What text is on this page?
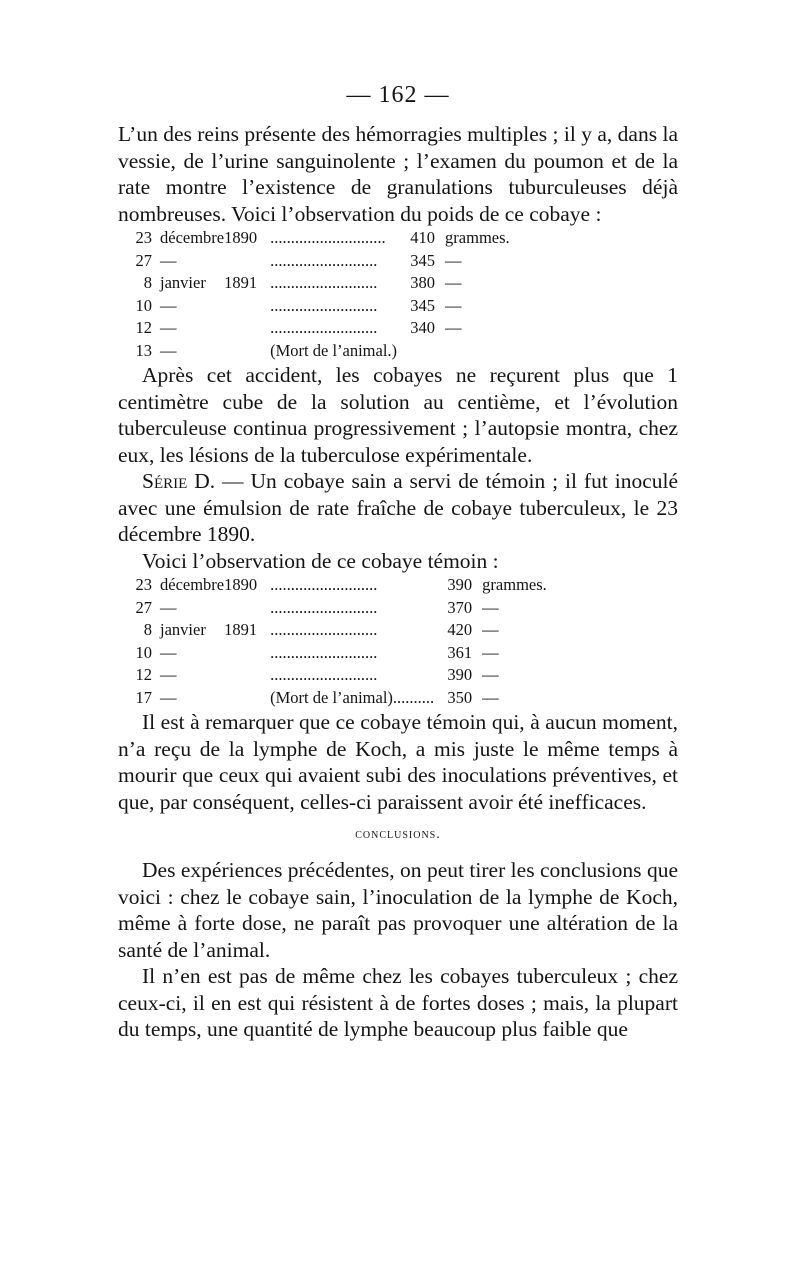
— 162 —

L’un des reins présente des hémorragies multiples ; il y a, dans la vessie, de l’urine sanguinolente ; l’examen du poumon et de la rate montre l’existence de granulations tuburculeuses déjà nombreuses. Voici l’observation du poids de ce cobaye :

23	décembre	1890	............................	410	grammes.
27	—		..........................	345	—
8	janvier	1891	..........................	380	—
10	—		..........................	345	—
12	—		..........................	340	—
13	—		(Mort de l’animal.)		

Après cet accident, les cobayes ne reçurent plus que 1 centimètre cube de la solution au centième, et l’évolution tuberculeuse continua progressivement ; l’autopsie montra, chez eux, les lésions de la tuberculose expérimentale.

Série D. — Un cobaye sain a servi de témoin ; il fut inoculé avec une émulsion de rate fraîche de cobaye tuberculeux, le 23 décembre 1890.

Voici l’observation de ce cobaye témoin :

23	décembre	1890	..........................	390	grammes.
27	—		..........................	370	—
8	janvier	1891	..........................	420	—
10	—		..........................	361	—
12	—		..........................	390	—
17	—		(Mort de l’animal)..........	350	—

Il est à remarquer que ce cobaye témoin qui, à aucun moment, n’a reçu de la lymphe de Koch, a mis juste le même temps à mourir que ceux qui avaient subi des inoculations préventives, et que, par conséquent, celles-ci paraissent avoir été inefficaces.

conclusions.

Des expériences précédentes, on peut tirer les conclusions que voici : chez le cobaye sain, l’inoculation de la lymphe de Koch, même à forte dose, ne paraît pas provoquer une altération de la santé de l’animal.

Il n’en est pas de même chez les cobayes tuberculeux ; chez ceux-ci, il en est qui résistent à de fortes doses ; mais, la plupart du temps, une quantité de lymphe beaucoup plus faible que
